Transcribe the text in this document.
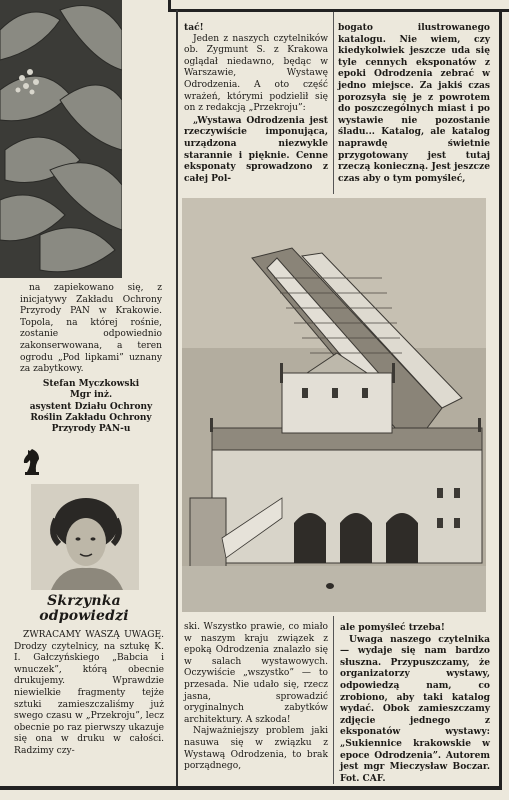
na zapiekowano się, z inicjatywy Zakładu Ochrony Przyrody PAN w Krakowie. Topola, na której rośnie, zostanie odpowiednio zakonserwowana, a teren ogrodu „Pod lipkami” uznany za zabytkowy.

Stefan Myczkowski
Mgr inż.
asystent Działu Ochrony Roślin Zakładu Ochrony Przyrody PAN-u
Skrzynka
odpowiedzi

ZWRACAMY WASZĄ UWAGĘ. Drodzy czytelnicy, na sztukę K. I. Gałczyńskiego „Babcia i wnuczek”, którą obecnie drukujemy. Wprawdzie niewielkie fragmenty tejże sztuki zamieszczaliśmy już swego czasu w „Przekroju”, lecz obecnie po raz pierwszy ukazuje się ona w druku w całości. Radzimy czy-

tać!

Jeden z naszych czytelników ob. Zygmunt S. z Krakowa oglądał niedawno, będąc w Warszawie, Wystawę Odrodzenia. A oto część wrażeń, którymi podzielił się on z redakcją „Przekroju”:

„Wystawa Odrodzenia jest rzeczywiście imponująca, urządzona niezwykle starannie i pięknie. Cenne eksponaty sprowadzono z całej Pol-

bogato ilustrowanego katalogu. Nie wiem, czy kiedykolwiek jeszcze uda się tyle cennych eksponatów z epoki Odrodzenia zebrać w jedno miejsce. Za jakiś czas porozsyła się je z powrotem do poszczególnych miast i po wystawie nie pozostanie śladu... Katalog, ale katalog naprawdę świetnie przygotowany jest tutaj rzeczą konieczną. Jest jeszcze czas aby o tym pomyśleć,

ski. Wszystko prawie, co miało w naszym kraju związek z epoką Odrodzenia znalazło się w salach wystawowych. Oczywiście „wszystko” — to przesada. Nie udało się, rzecz jasna, sprowadzić oryginalnych zabytków architektury. A szkoda!

Najważniejszy problem jaki nasuwa się w związku z Wystawą Odrodzenia, to brak porządnego,

ale pomyśleć trzeba!

Uwaga naszego czytelnika — wydaje się nam bardzo słuszna. Przypuszczamy, że organizatorzy wystawy, odpowiedzą nam, co zrobiono, aby taki katalog wydać. Obok zamieszczamy zdjęcie jednego z eksponatów wystawy: „Sukiennice krakowskie w epoce Odrodzenia”. Autorem jest mgr Mieczysław Boczar. Fot. CAF.
